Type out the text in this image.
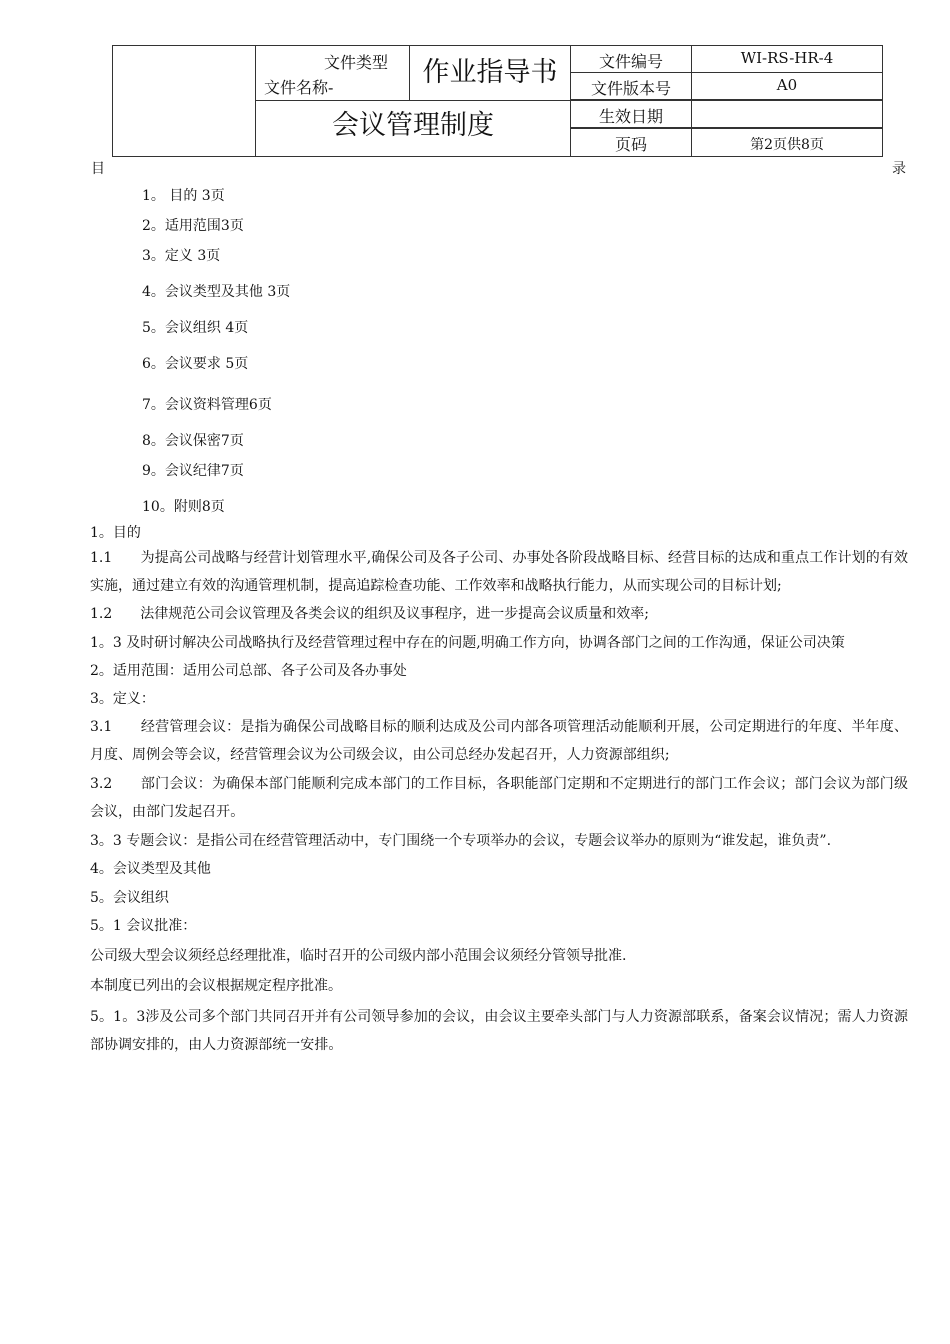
文件类型	作业指导书
会议管理制度
文件编号	WI-RS-HR-4
文件版本号	A0
生效日期
页码	第2页供8页
文件名称-
目	录
1。 目的 3页
2。适用范围3页
3。定义 3页
4。会议类型及其他 3页
5。会议组织 4页
6。会议要求 5页
7。会议资料管理6页
8。会议保密7页
9。会议纪律7页
10。附则8页
1。目的
1.1　　为提高公司战略与经营计划管理水平,确保公司及各子公司、办事处各阶段战略目标、经营目标的达成和重点工作计划的有效实施，通过建立有效的沟通管理机制，提高追踪检查功能、工作效率和战略执行能力，从而实现公司的目标计划;
1.2　　法律规范公司会议管理及各类会议的组织及议事程序，进一步提高会议质量和效率;
1。3 及时研讨解决公司战略执行及经营管理过程中存在的问题,明确工作方向，协调各部门之间的工作沟通，保证公司决策
2。适用范围：适用公司总部、各子公司及各办事处
3。定义：
3.1　　经营管理会议：是指为确保公司战略目标的顺利达成及公司内部各项管理活动能顺利开展，公司定期进行的年度、半年度、月度、周例会等会议，经营管理会议为公司级会议，由公司总经办发起召开，人力资源部组织;
3.2　　部门会议：为确保本部门能顺利完成本部门的工作目标，各职能部门定期和不定期进行的部门工作会议；部门会议为部门级会议，由部门发起召开。
3。3 专题会议：是指公司在经营管理活动中，专门围绕一个专项举办的会议，专题会议举办的原则为“谁发起，谁负责”.
4。会议类型及其他
5。会议组织
5。1 会议批准：
公司级大型会议须经总经理批准，临时召开的公司级内部小范围会议须经分管领导批准.
本制度已列出的会议根据规定程序批准。
5。1。3涉及公司多个部门共同召开并有公司领导参加的会议，由会议主要牵头部门与人力资源部联系，备案会议情况；需人力资源部协调安排的，由人力资源部统一安排。
